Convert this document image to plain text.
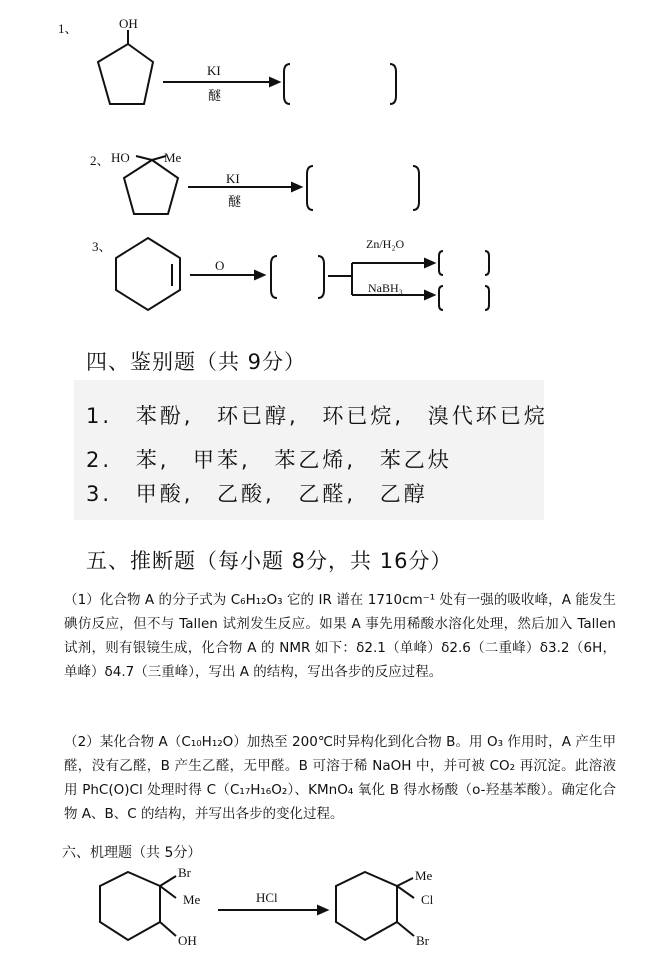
1、	OH
KI
醚
2、 HO	Me
KI
醚
3、
O
Zn/H₂O
NaBH₃
四、鉴别题（共 9分）
1. 苯酚, 环已醇, 环已烷, 溴代环已烷
2. 苯, 甲苯, 苯乙烯, 苯乙炔
3. 甲酸, 乙酸, 乙醛, 乙醇
五、推断题（每小题 8分，共 16分）
（1）化合物 A 的分子式为 C₆H₁₂O₃ 它的 IR 谱在 1710cm⁻¹ 处有一强的吸收峰，A 能发生碘仿反应，但不与 Tallen 试剂发生反应。如果 A 事先用稀酸水溶化处理，然后加入 Tallen 试剂，则有银镜生成，化合物 A 的 NMR 如下：δ2.1（单峰）δ2.6（二重峰）δ3.2（6H，单峰）δ4.7（三重峰），写出 A 的结构，写出各步的反应过程。
（2）某化合物 A（C₁₀H₁₂O）加热至 200℃时异构化到化合物 B。用 O₃ 作用时，A 产生甲醛，没有乙醛，B 产生乙醛，无甲醛。B 可溶于稀 NaOH 中，并可被 CO₂ 再沉淀。此溶液用 PhC(O)Cl 处理时得 C（C₁₇H₁₆O₂）、KMnO₄ 氧化 B 得水杨酸（o-羟基苯酸）。确定化合物 A、B、C 的结构，并写出各步的变化过程。
六、机理题（共 5分）
Br
Me
OH
HCl
Me
Cl
Br
